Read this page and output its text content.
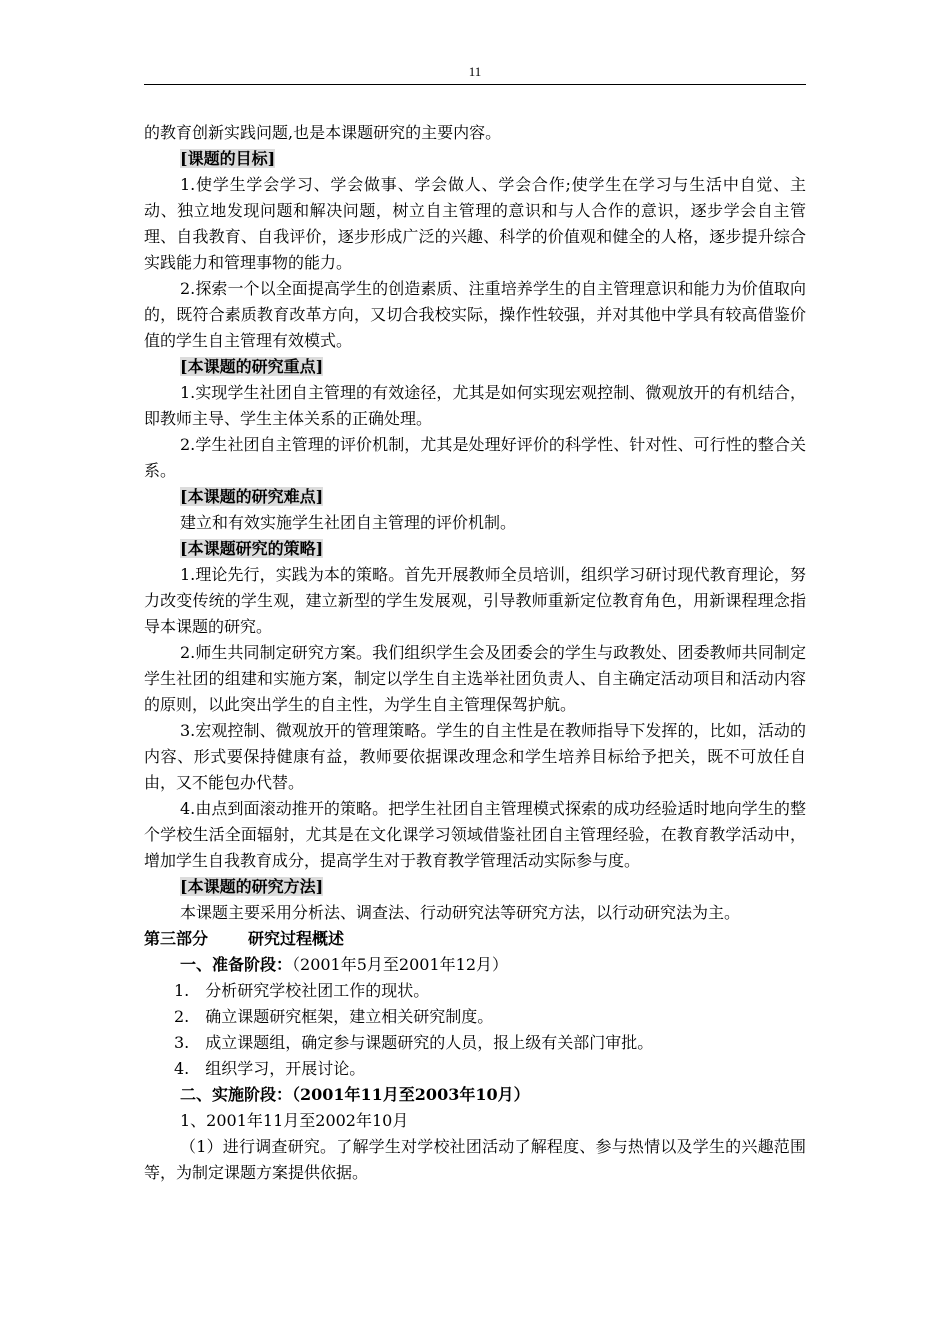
11

的教育创新实践问题,也是本课题研究的主要内容。

[课题的目标]

1.使学生学会学习、学会做事、学会做人、学会合作;使学生在学习与生活中自觉、主动、独立地发现问题和解决问题，树立自主管理的意识和与人合作的意识，逐步学会自主管理、自我教育、自我评价，逐步形成广泛的兴趣、科学的价值观和健全的人格，逐步提升综合实践能力和管理事物的能力。

2.探索一个以全面提高学生的创造素质、注重培养学生的自主管理意识和能力为价值取向的，既符合素质教育改革方向，又切合我校实际，操作性较强，并对其他中学具有较高借鉴价值的学生自主管理有效模式。

[本课题的研究重点]

1.实现学生社团自主管理的有效途径，尤其是如何实现宏观控制、微观放开的有机结合，即教师主导、学生主体关系的正确处理。

2.学生社团自主管理的评价机制，尤其是处理好评价的科学性、针对性、可行性的整合关系。

[本课题的研究难点]

建立和有效实施学生社团自主管理的评价机制。

[本课题研究的策略]

1.理论先行，实践为本的策略。首先开展教师全员培训，组织学习研讨现代教育理论，努力改变传统的学生观，建立新型的学生发展观，引导教师重新定位教育角色，用新课程理念指导本课题的研究。

2.师生共同制定研究方案。我们组织学生会及团委会的学生与政教处、团委教师共同制定学生社团的组建和实施方案，制定以学生自主选举社团负责人、自主确定活动项目和活动内容的原则，以此突出学生的自主性，为学生自主管理保驾护航。

3.宏观控制、微观放开的管理策略。学生的自主性是在教师指导下发挥的，比如，活动的内容、形式要保持健康有益，教师要依据课改理念和学生培养目标给予把关，既不可放任自由，又不能包办代替。

4.由点到面滚动推开的策略。把学生社团自主管理模式探索的成功经验适时地向学生的整个学校生活全面辐射，尤其是在文化课学习领域借鉴社团自主管理经验，在教育教学活动中，增加学生自我教育成分，提高学生对于教育教学管理活动实际参与度。

[本课题的研究方法]

本课题主要采用分析法、调查法、行动研究法等研究方法，以行动研究法为主。

第三部分	研究过程概述

一、准备阶段：（2001年5月至2001年12月）

1.　分析研究学校社团工作的现状。

2.　确立课题研究框架，建立相关研究制度。

3.　成立课题组，确定参与课题研究的人员，报上级有关部门审批。

4.　组织学习，开展讨论。

二、实施阶段：（2001年11月至2003年10月）

1、2001年11月至2002年10月

（1）进行调查研究。了解学生对学校社团活动了解程度、参与热情以及学生的兴趣范围等，为制定课题方案提供依据。
